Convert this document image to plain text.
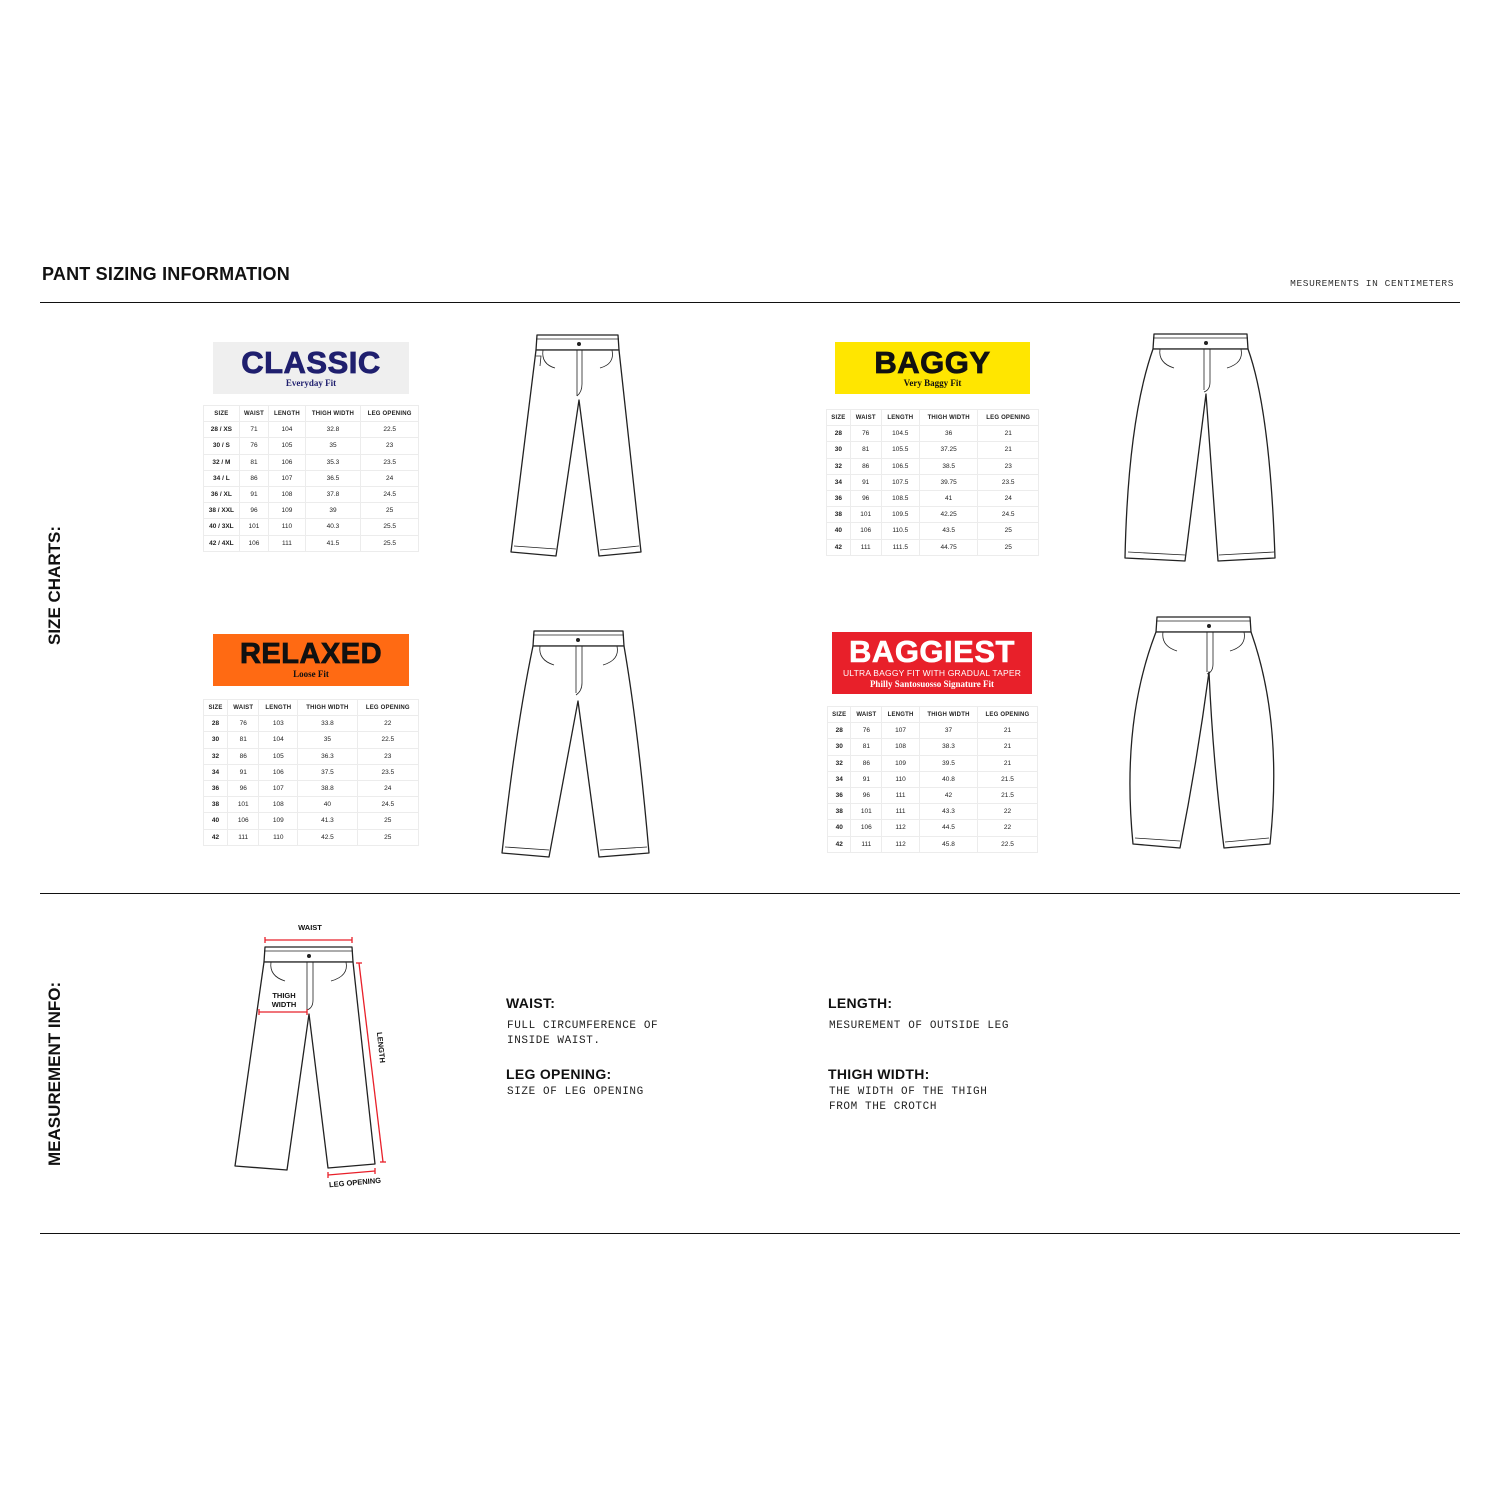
PANT SIZING INFORMATION	MESUREMENTS IN CENTIMETERS
SIZE CHARTS:
MEASUREMENT INFO:
CLASSIC
Everyday Fit
BAGGY
Very Baggy Fit
RELAXED
Loose Fit
BAGGIEST
ULTRA BAGGY FIT WITH GRADUAL TAPER
Philly Santosuosso Signature Fit
SIZE	WAIST	LENGTH	THIGH WIDTH	LEG OPENING
28 / XS	71	104	32.8	22.5
30 / S	76	105	35	23
32 / M	81	106	35.3	23.5
34 / L	86	107	36.5	24
36 / XL	91	108	37.8	24.5
38 / XXL	96	109	39	25
40 / 3XL	101	110	40.3	25.5
42 / 4XL	106	111	41.5	25.5
SIZE	WAIST	LENGTH	THIGH WIDTH	LEG OPENING
28	76	104.5	36	21
30	81	105.5	37.25	21
32	86	106.5	38.5	23
34	91	107.5	39.75	23.5
36	96	108.5	41	24
38	101	109.5	42.25	24.5
40	106	110.5	43.5	25
42	111	111.5	44.75	25
SIZE	WAIST	LENGTH	THIGH WIDTH	LEG OPENING
28	76	103	33.8	22
30	81	104	35	22.5
32	86	105	36.3	23
34	91	106	37.5	23.5
36	96	107	38.8	24
38	101	108	40	24.5
40	106	109	41.3	25
42	111	110	42.5	25
SIZE	WAIST	LENGTH	THIGH WIDTH	LEG OPENING
28	76	107	37	21
30	81	108	38.3	21
32	86	109	39.5	21
34	91	110	40.8	21.5
36	96	111	42	21.5
38	101	111	43.3	22
40	106	112	44.5	22
42	111	112	45.8	22.5
WAIST
THIGH WIDTH
LENGTH
LEG OPENING
WAIST:
FULL CIRCUMFERENCE OF
INSIDE WAIST.
LENGTH:
MESUREMENT OF OUTSIDE LEG
LEG OPENING:
SIZE OF LEG OPENING
THIGH WIDTH:
THE WIDTH OF THE THIGH
FROM THE CROTCH
